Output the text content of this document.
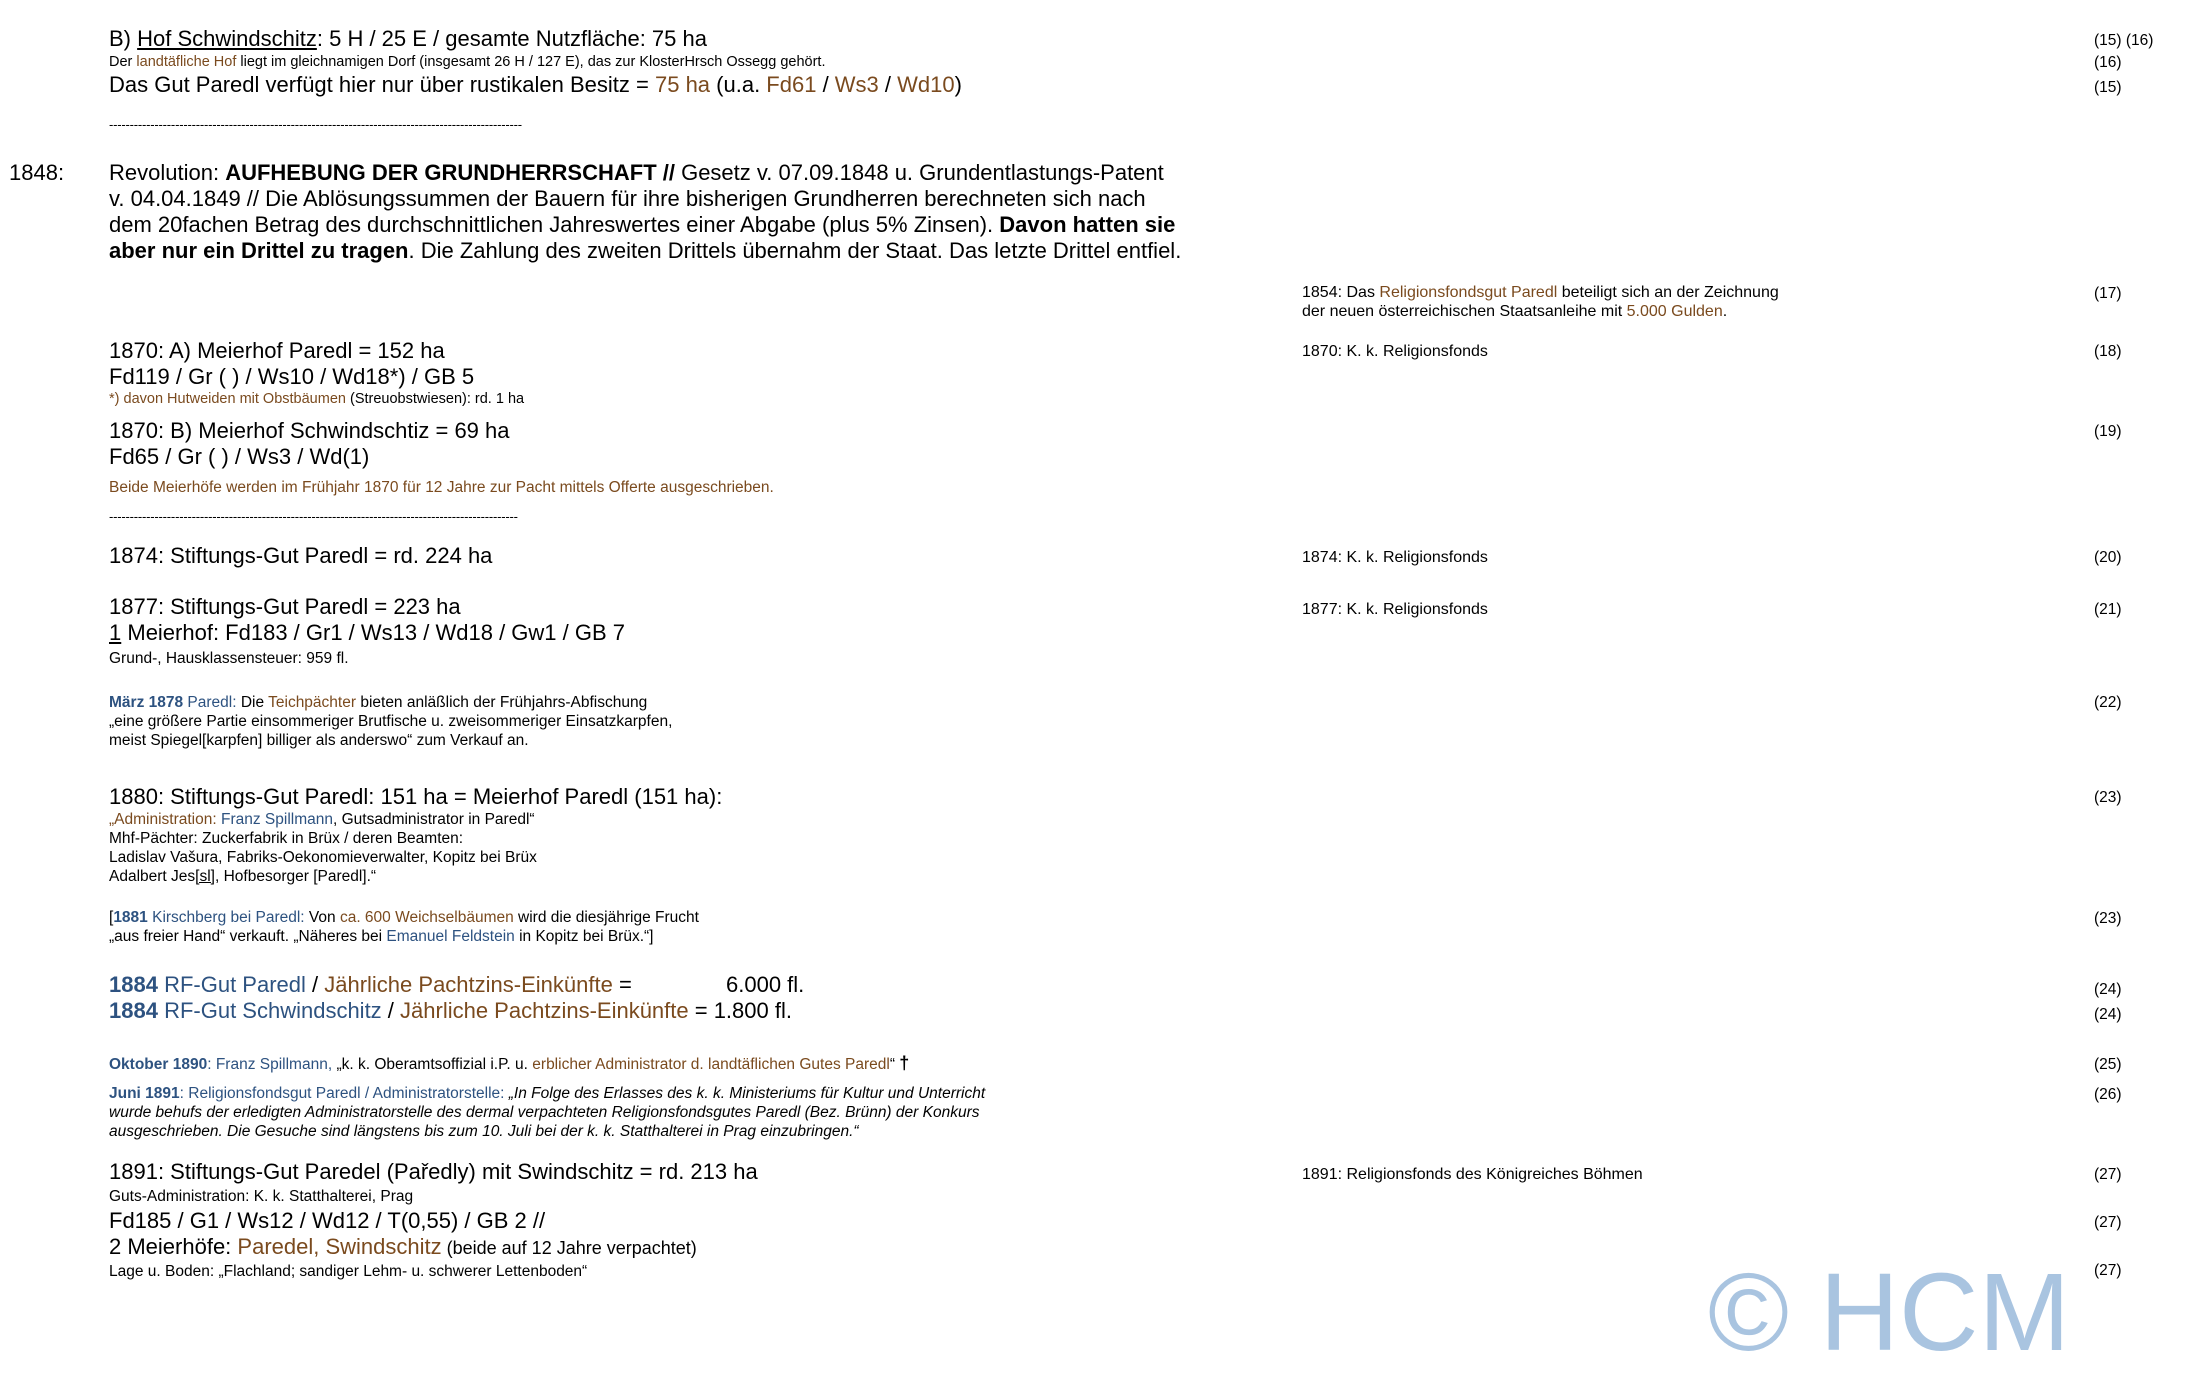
B) Hof Schwindschitz: 5 H / 25 E / gesamte Nutzfläche: 75 ha	(15) (16)
Der landtäfliche Hof liegt im gleichnamigen Dorf (insgesamt 26 H / 127 E), das zur KlosterHrsch Ossegg gehört.	(16)
Das Gut Paredl verfügt hier nur über rustikalen Besitz = 75 ha (u.a. Fd61 / Ws3 / Wd10)	(15)
----------------------------------------------------------------------------------------------------
1848: Revolution: AUFHEBUNG DER GRUNDHERRSCHAFT // Gesetz v. 07.09.1848 u. Grundentlastungs-Patent
v. 04.04.1849 // Die Ablösungssummen der Bauern für ihre bisherigen Grundherren berechneten sich nach
dem 20fachen Betrag des durchschnittlichen Jahreswertes einer Abgabe (plus 5% Zinsen). Davon hatten sie
aber nur ein Drittel zu tragen. Die Zahlung des zweiten Drittels übernahm der Staat. Das letzte Drittel entfiel.
1854: Das Religionsfondsgut Paredl beteiligt sich an der Zeichnung
der neuen österreichischen Staatsanleihe mit 5.000 Gulden.
(17)
1870: A) Meierhof Paredl = 152 ha
Fd119 / Gr ( ) / Ws10 / Wd18*) / GB 5
*) davon Hutweiden mit Obstbäumen (Streuobstwiesen): rd. 1 ha
1870: K. k. Religionsfonds	(18)
1870: B) Meierhof Schwindschtiz = 69 ha
Fd65 / Gr ( ) / Ws3 / Wd(1)
Beide Meierhöfe werden im Frühjahr 1870 für 12 Jahre zur Pacht mittels Offerte ausgeschrieben.
(19)
---------------------------------------------------------------------------------------------------
1874: Stiftungs-Gut Paredl = rd. 224 ha	1874: K. k. Religionsfonds	(20)
1877: Stiftungs-Gut Paredl = 223 ha
1 Meierhof: Fd183 / Gr1 / Ws13 / Wd18 / Gw1 / GB 7
Grund-, Hausklassensteuer: 959 fl.
1877: K. k. Religionsfonds	(21)
März 1878 Paredl: Die Teichpächter bieten anläßlich der Frühjahrs-Abfischung
„eine größere Partie einsommeriger Brutfische u. zweisommeriger Einsatzkarpfen,
meist Spiegel[karpfen] billiger als anderswo“ zum Verkauf an.
(22)
1880: Stiftungs-Gut Paredl: 151 ha = Meierhof Paredl (151 ha):
„Administration: Franz Spillmann, Gutsadministrator in Paredl“
Mhf-Pächter: Zuckerfabrik in Brüx / deren Beamten:
Ladislav Vašura, Fabriks-Oekonomieverwalter, Kopitz bei Brüx
Adalbert Jes[sl], Hofbesorger [Paredl].“
(23)
[1881 Kirschberg bei Paredl: Von ca. 600 Weichselbäumen wird die diesjährige Frucht
„aus freier Hand“ verkauft. „Näheres bei Emanuel Feldstein in Kopitz bei Brüx.“]
(23)
1884 RF-Gut Paredl / Jährliche Pachtzins-Einkünfte =	6.000 fl.
1884 RF-Gut Schwindschitz / Jährliche Pachtzins-Einkünfte = 1.800 fl.
(24)
(24)
Oktober 1890: Franz Spillmann, „k. k. Oberamtsoffizial i.P. u. erblicher Administrator d. landtäflichen Gutes Paredl“ †	(25)
Juni 1891: Religionsfondsgut Paredl / Administratorstelle: „In Folge des Erlasses des k. k. Ministeriums für Kultur und Unterricht
wurde behufs der erledigten Administratorstelle des dermal verpachteten Religionsfondsgutes Paredl (Bez. Brünn) der Konkurs
ausgeschrieben. Die Gesuche sind längstens bis zum 10. Juli bei der k. k. Statthalterei in Prag einzubringen.“
(26)
1891: Stiftungs-Gut Paredel (Paředly) mit Swindschitz = rd. 213 ha
Guts-Administration: K. k. Statthalterei, Prag
Fd185 / G1 / Ws12 / Wd12 / T(0,55) / GB 2 //
2 Meierhöfe: Paredel, Swindschitz (beide auf 12 Jahre verpachtet)
Lage u. Boden: „Flachland; sandiger Lehm- u. schwerer Lettenboden“
1891: Religionsfonds des Königreiches Böhmen	(27)
(27)
(27)
© HCM
